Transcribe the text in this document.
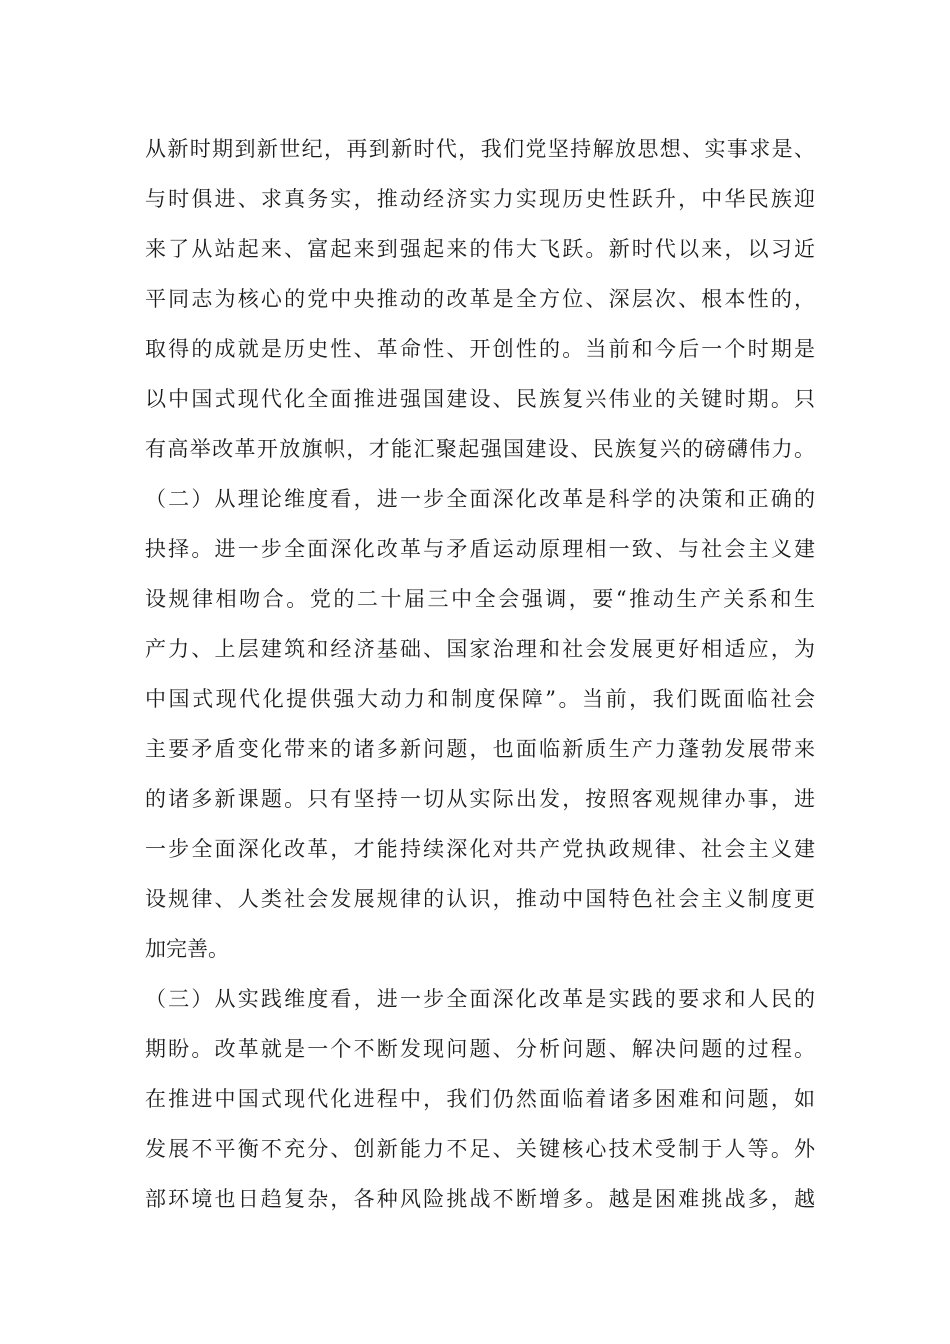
从新时期到新世纪，再到新时代，我们党坚持解放思想、实事求是、
与时俱进、求真务实，推动经济实力实现历史性跃升，中华民族迎
来了从站起来、富起来到强起来的伟大飞跃。新时代以来，以习近
平同志为核心的党中央推动的改革是全方位、深层次、根本性的，
取得的成就是历史性、革命性、开创性的。当前和今后一个时期是
以中国式现代化全面推进强国建设、民族复兴伟业的关键时期。只
有高举改革开放旗帜，才能汇聚起强国建设、民族复兴的磅礴伟力。
（二）从理论维度看，进一步全面深化改革是科学的决策和正确的
抉择。进一步全面深化改革与矛盾运动原理相一致、与社会主义建
设规律相吻合。党的二十届三中全会强调，要“推动生产关系和生
产力、上层建筑和经济基础、国家治理和社会发展更好相适应，为
中国式现代化提供强大动力和制度保障”。当前，我们既面临社会
主要矛盾变化带来的诸多新问题，也面临新质生产力蓬勃发展带来
的诸多新课题。只有坚持一切从实际出发，按照客观规律办事，进
一步全面深化改革，才能持续深化对共产党执政规律、社会主义建
设规律、人类社会发展规律的认识，推动中国特色社会主义制度更
加完善。
（三）从实践维度看，进一步全面深化改革是实践的要求和人民的
期盼。改革就是一个不断发现问题、分析问题、解决问题的过程。
在推进中国式现代化进程中，我们仍然面临着诸多困难和问题，如
发展不平衡不充分、创新能力不足、关键核心技术受制于人等。外
部环境也日趋复杂，各种风险挑战不断增多。越是困难挑战多，越
